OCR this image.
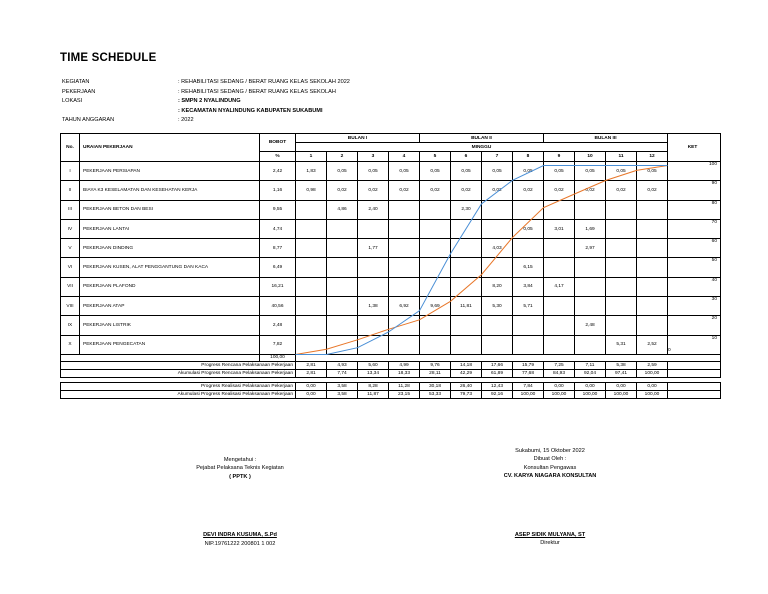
TIME SCHEDULE
KEGIATAN	: REHABILITASI SEDANG / BERAT RUANG KELAS SEKOLAH 2022
PEKERJAAN	: REHABILITASI SEDANG / BERAT RUANG KELAS SEKOLAH
LOKASI	: SMPN 2 NYALINDUNG
: KECAMATAN NYALINDUNG KABUPATEN SUKABUMI
TAHUN ANGGARAN	: 2022
No.	URAIAN PEKERJAAN	BOBOT	BULAN I				BULAN II				BULAN III				KET
			MINGGU												
		%	1	2	3	4	5	6	7	8	9	10	11	12	
I	PEKERJAAN PERSIAPAN	2,42	1,83	0,05	0,05	0,05	0,05	0,05	0,05	0,05	0,05	0,05	0,05	0,05	100
II	BIAYA K3 KESELAMATAN DAN KESEHATAN KERJA	1,16	0,98	0,02	0,02	0,02	0,02	0,02	0,02	0,02	0,02	0,02	0,02	0,02	90
III	PEKERJAAN BETON DAN BESI	9,55		4,86	2,40			2,30							80
IV	PEKERJAAN LANTAI	4,74								0,05	3,01	1,69			70
V	PEKERJAAN DINDING	8,77			1,77				4,03			2,97			60
VI	PEKERJAAN KUSEN, ALAT PENGGANTUNG DAN KACA	6,49								6,15					50
VII	PEKERJAAN PLAFOND	16,21							8,20	3,84	4,17				40
VIII	PEKERJAAN ATAP	40,56			1,38	6,92	9,69	11,81	5,30	5,71					30
IX	PEKERJAAN LISTRIK	2,48										2,48			20
X	PEKERJAAN PENGECATAN	7,82											5,31	2,52	10
0

		100,00													
Progress Rencana Pelaksanaan Pekerjaan			2,81	4,93	5,60	4,99	9,76	14,18	17,66	15,79	7,25	7,11	5,38	2,59	
Akumulasi Progress Rencana Pelaksanaan Pekerjaan			2,81	7,74	13,34	18,33	28,11	42,29	61,89	77,68	84,93	92,04	97,41	100,00	

Progress Realisasi Pelaksanaan Pekerjaan			0,00	3,58	8,28	11,28	30,18	26,40	12,43	7,84	0,00	0,00	0,00	0,00	
Akumulasi Progress Realisasi Pelaksanaan Pekerjaan			0,00	3,58	11,87	23,15	53,33	79,73	92,16	100,00	100,00	100,00	100,00	100,00	
Mengetahui :
Pejabat Pelaksana Teknis Kegiatan
( PPTK )
DEVI INDRA KUSUMA, S.Pd
NIP.19761222 200801 1 002
Sukabumi, 15 Oktober 2022
Dibuat Oleh :
Konsultan Pengawas
CV. KARYA NIAGARA KONSULTAN
ASEP SIDIK MULYANA, ST
Direktur
